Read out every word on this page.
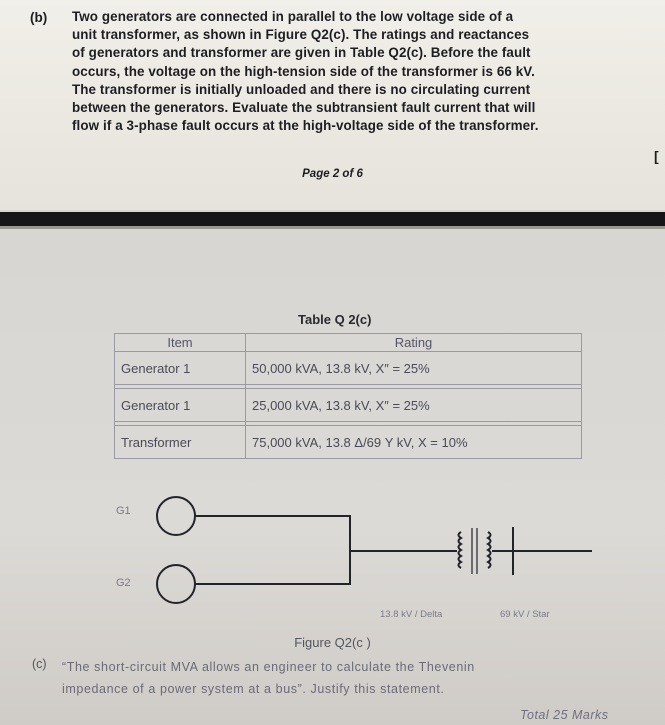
(b) Two generators are connected in parallel to the low voltage side of a
unit transformer, as shown in Figure Q2(c). The ratings and reactances
of generators and transformer are given in Table Q2(c). Before the fault
occurs, the voltage on the high-tension side of the transformer is 66 kV.
The transformer is initially unloaded and there is no circulating current
between the generators. Evaluate the subtransient fault current that will
flow if a 3-phase fault occurs at the high-voltage side of the transformer.
[
Page 2 of 6
Table Q 2(c)
Item	Rating
Generator 1	50,000 kVA, 13.8 kV, X″ = 25%

Generator 1	25,000 kVA, 13.8 kV, X″ = 25%

Transformer	75,000 kVA, 13.8 Δ/69 Y kV, X = 10%
G1
G2
13.8 kV / Delta	69 kV / Star
Figure Q2(c )
(c) “The short-circuit MVA allows an engineer to calculate the Thevenin
impedance of a power system at a bus”. Justify this statement.
Total 25 Marks
